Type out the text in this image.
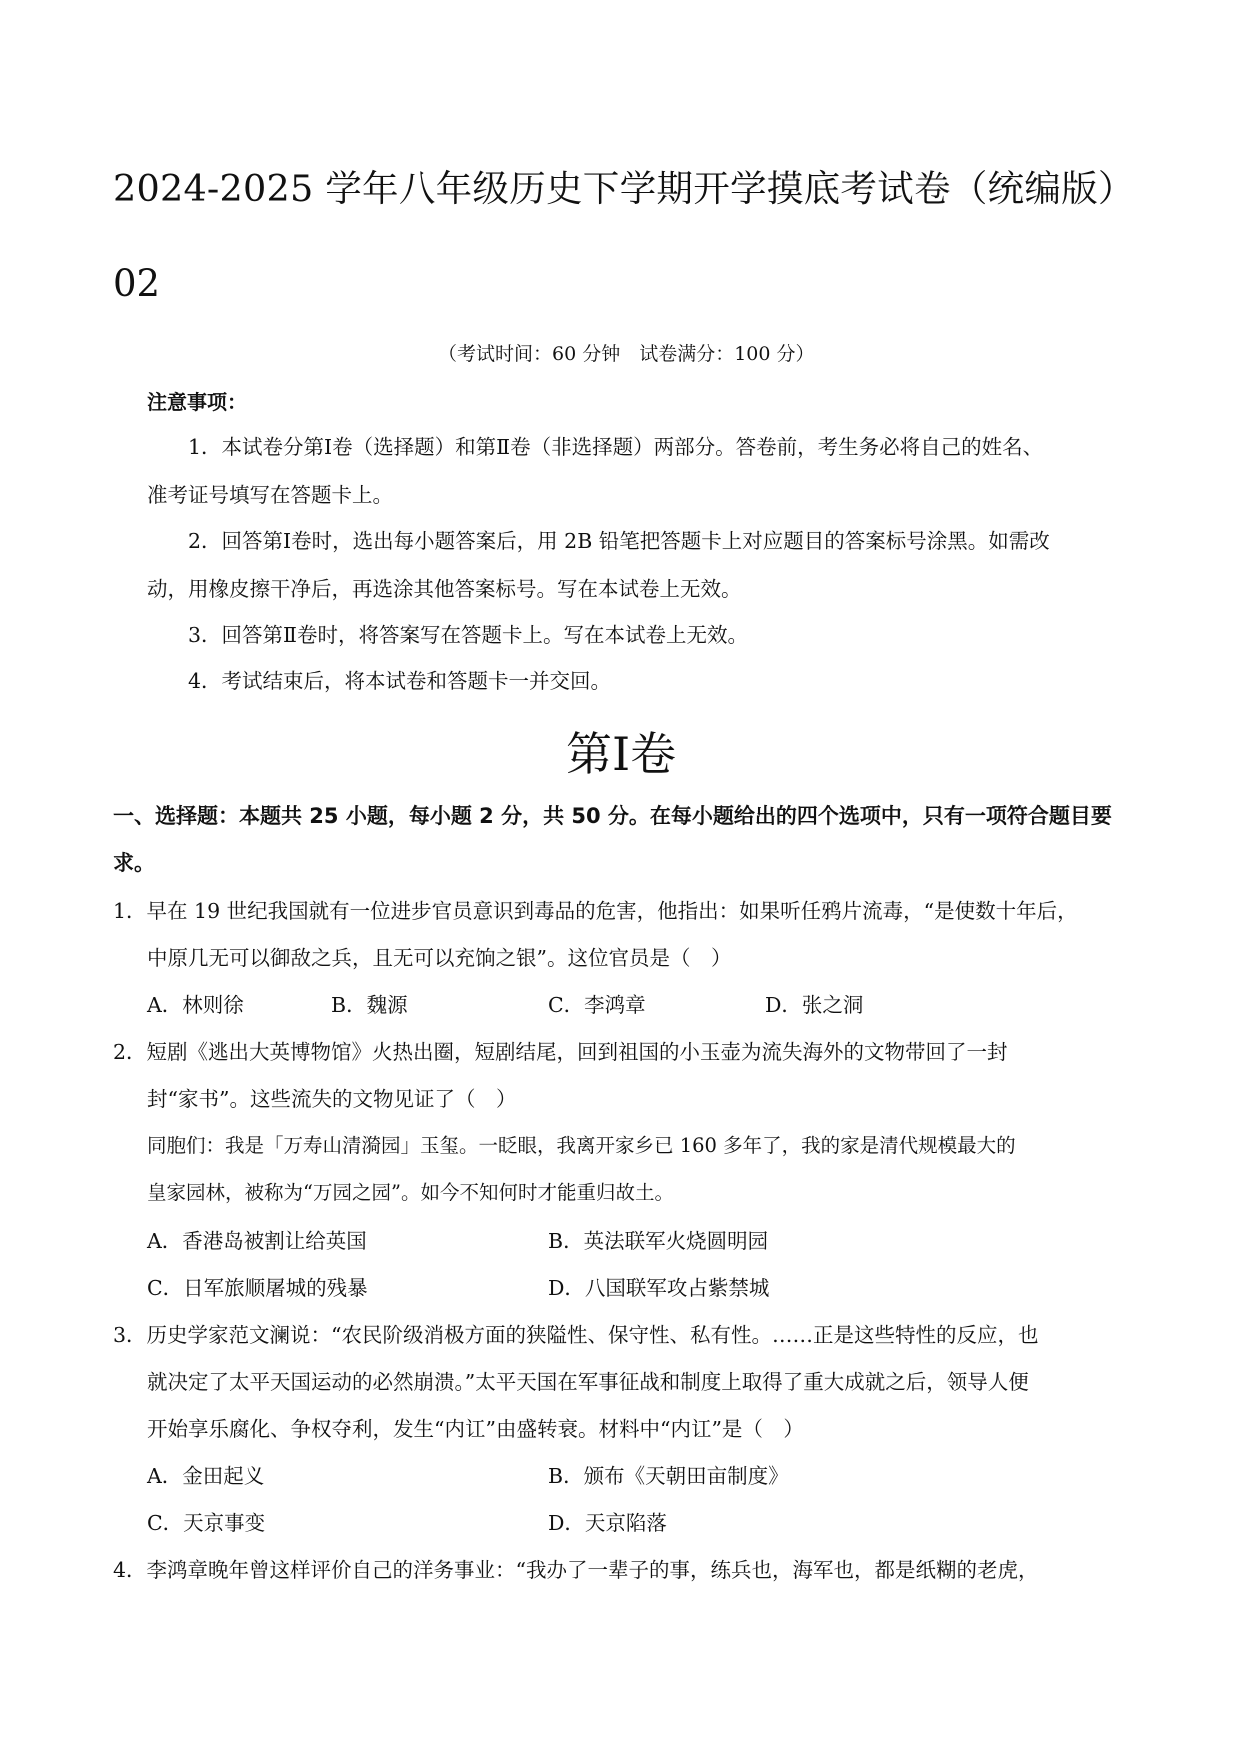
2024-2025 学年八年级历史下学期开学摸底考试卷（统编版）
02
（考试时间：60 分钟　试卷满分：100 分）
注意事项：
1．本试卷分第Ⅰ卷（选择题）和第Ⅱ卷（非选择题）两部分。答卷前，考生务必将自己的姓名、
准考证号填写在答题卡上。
2．回答第Ⅰ卷时，选出每小题答案后，用 2B 铅笔把答题卡上对应题目的答案标号涂黑。如需改
动，用橡皮擦干净后，再选涂其他答案标号。写在本试卷上无效。
3．回答第Ⅱ卷时，将答案写在答题卡上。写在本试卷上无效。
4．考试结束后，将本试卷和答题卡一并交回。
第Ⅰ卷
一、选择题：本题共 25 小题，每小题 2 分，共 50 分。在每小题给出的四个选项中，只有一项符合题目要
求。
1．早在 19 世纪我国就有一位进步官员意识到毒品的危害，他指出：如果听任鸦片流毒，“是使数十年后，
中原几无可以御敌之兵，且无可以充饷之银”。这位官员是（　）
A．林则徐	B．魏源	C．李鸿章	D．张之洞
2．短剧《逃出大英博物馆》火热出圈，短剧结尾，回到祖国的小玉壶为流失海外的文物带回了一封
封“家书”。这些流失的文物见证了（　）
同胞们：我是「万寿山清漪园」玉玺。一眨眼，我离开家乡已 160 多年了，我的家是清代规模最大的
皇家园林，被称为“万园之园”。如今不知何时才能重归故土。
A．香港岛被割让给英国	B．英法联军火烧圆明园
C．日军旅顺屠城的残暴	D．八国联军攻占紫禁城
3．历史学家范文澜说：“农民阶级消极方面的狭隘性、保守性、私有性。……正是这些特性的反应，也
就决定了太平天国运动的必然崩溃。”太平天国在军事征战和制度上取得了重大成就之后，领导人便
开始享乐腐化、争权夺利，发生“内讧”由盛转衰。材料中“内讧”是（　）
A．金田起义	B．颁布《天朝田亩制度》
C．天京事变	D．天京陷落
4．李鸿章晚年曾这样评价自己的洋务事业：“我办了一辈子的事，练兵也，海军也，都是纸糊的老虎，
